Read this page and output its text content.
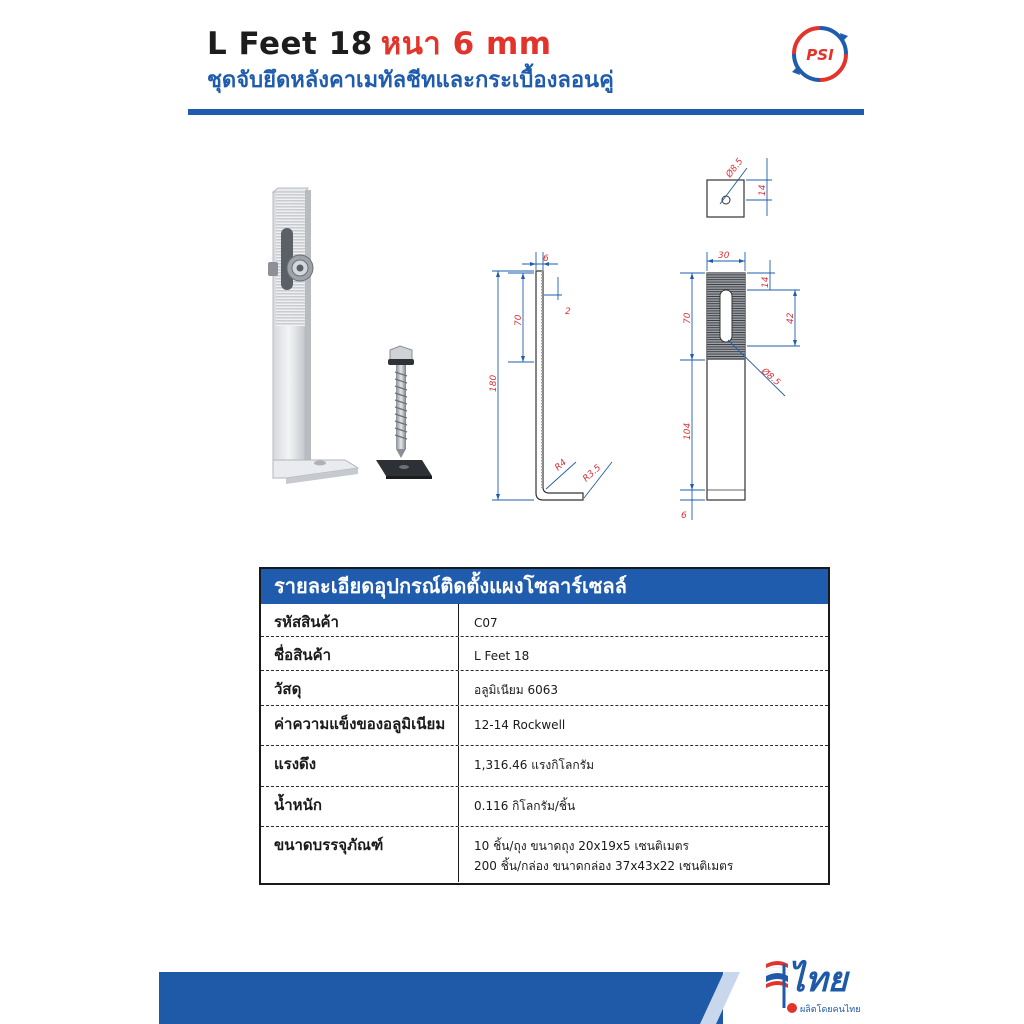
L Feet 18 หนา 6 mm
ชุดจับยึดหลังคาเมทัลชีทและกระเบื้องลอนคู่
PSI
6
2
70
180
R4 R3.5
Ø8.5
14
30
14
42
70
104
6
Ø8.5
รายละเอียดอุปกรณ์ติดตั้งแผงโซลาร์เซลล์
รหัสสินค้า	C07
ชื่อสินค้า	L Feet 18
วัสดุ	อลูมิเนียม 6063
ค่าความแข็งของอลูมิเนียม	12-14 Rockwell
แรงดึง	1,316.46 แรงกิโลกรัม
น้ำหนัก	0.116 กิโลกรัม/ชิ้น
ขนาดบรรจุภัณฑ์	10 ชิ้น/ถุง ขนาดถุง 20x19x5 เซนติเมตร
200 ชิ้น/กล่อง ขนาดกล่อง 37x43x22 เซนติเมตร
ไทย
ผลิตโดยคนไทย
